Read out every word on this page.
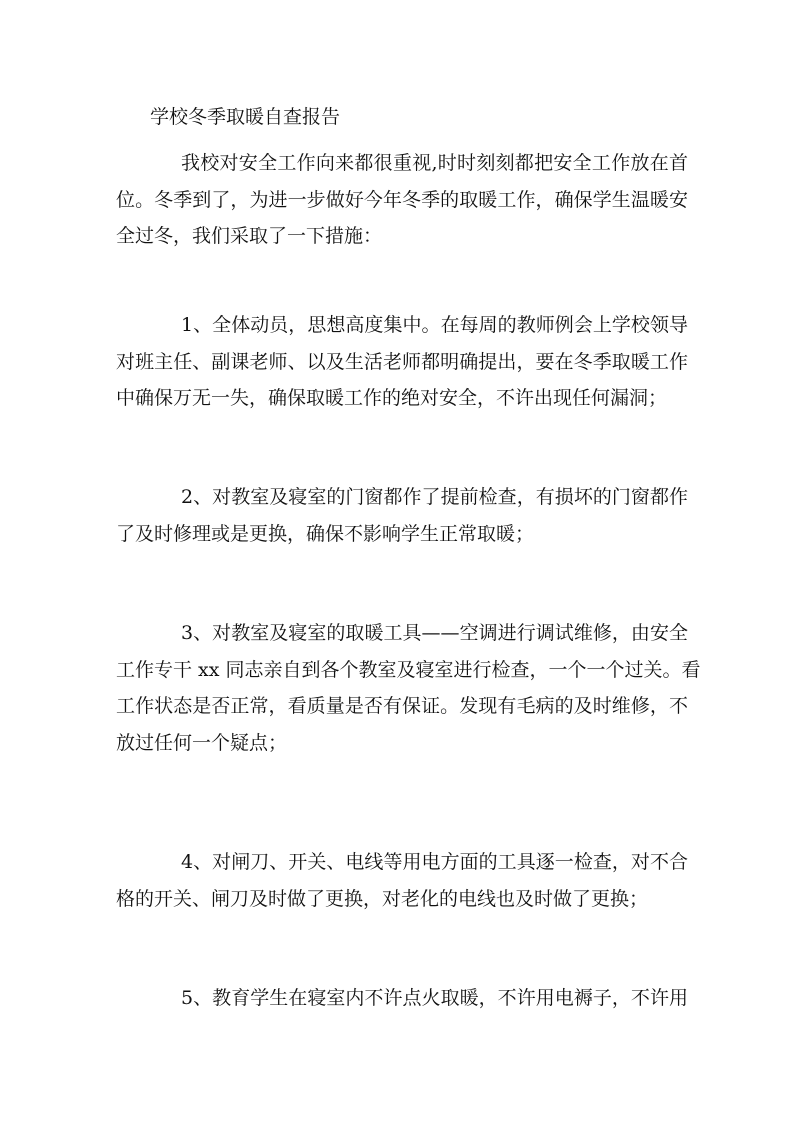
学校冬季取暖自查报告
我校对安全工作向来都很重视,时时刻刻都把安全工作放在首
位。冬季到了，为进一步做好今年冬季的取暖工作，确保学生温暖安
全过冬，我们采取了一下措施：
1、全体动员，思想高度集中。在每周的教师例会上学校领导
对班主任、副课老师、以及生活老师都明确提出，要在冬季取暖工作
中确保万无一失，确保取暖工作的绝对安全，不许出现任何漏洞；
2、对教室及寝室的门窗都作了提前检查，有损坏的门窗都作
了及时修理或是更换，确保不影响学生正常取暖；
3、对教室及寝室的取暖工具——空调进行调试维修，由安全
工作专干 xx 同志亲自到各个教室及寝室进行检查，一个一个过关。看
工作状态是否正常，看质量是否有保证。发现有毛病的及时维修，不
放过任何一个疑点；
4、对闸刀、开关、电线等用电方面的工具逐一检查，对不合
格的开关、闸刀及时做了更换，对老化的电线也及时做了更换；
5、教育学生在寝室内不许点火取暖，不许用电褥子，不许用
